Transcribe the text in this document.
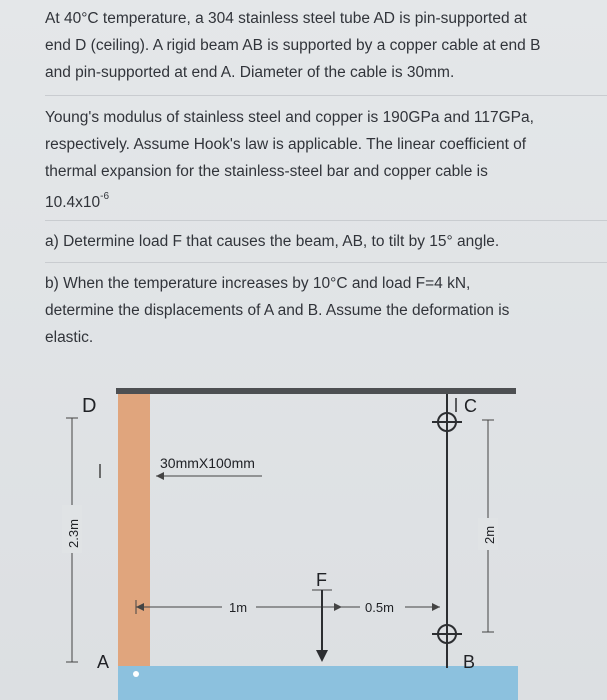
At 40°C temperature, a 304 stainless steel tube AD is pin-supported at
end D (ceiling). A rigid beam AB is supported by a copper cable at end B
and pin-supported at end A. Diameter of the cable is 30mm.
Young's modulus of stainless steel and copper is 190GPa and 117GPa,
respectively. Assume Hook's law is applicable. The linear coefficient of
thermal expansion for the stainless-steel bar and copper cable is
$10.4x10^{-6}$
a) Determine load F that causes the beam, AB, to tilt by 15° angle.
b) When the temperature increases by 10°C and load F=4 kN,
determine the displacements of A and B. Assume the deformation is
elastic.
D	C
A	B
2.3m
30mmX100mm
2m
1m	0.5m
F
